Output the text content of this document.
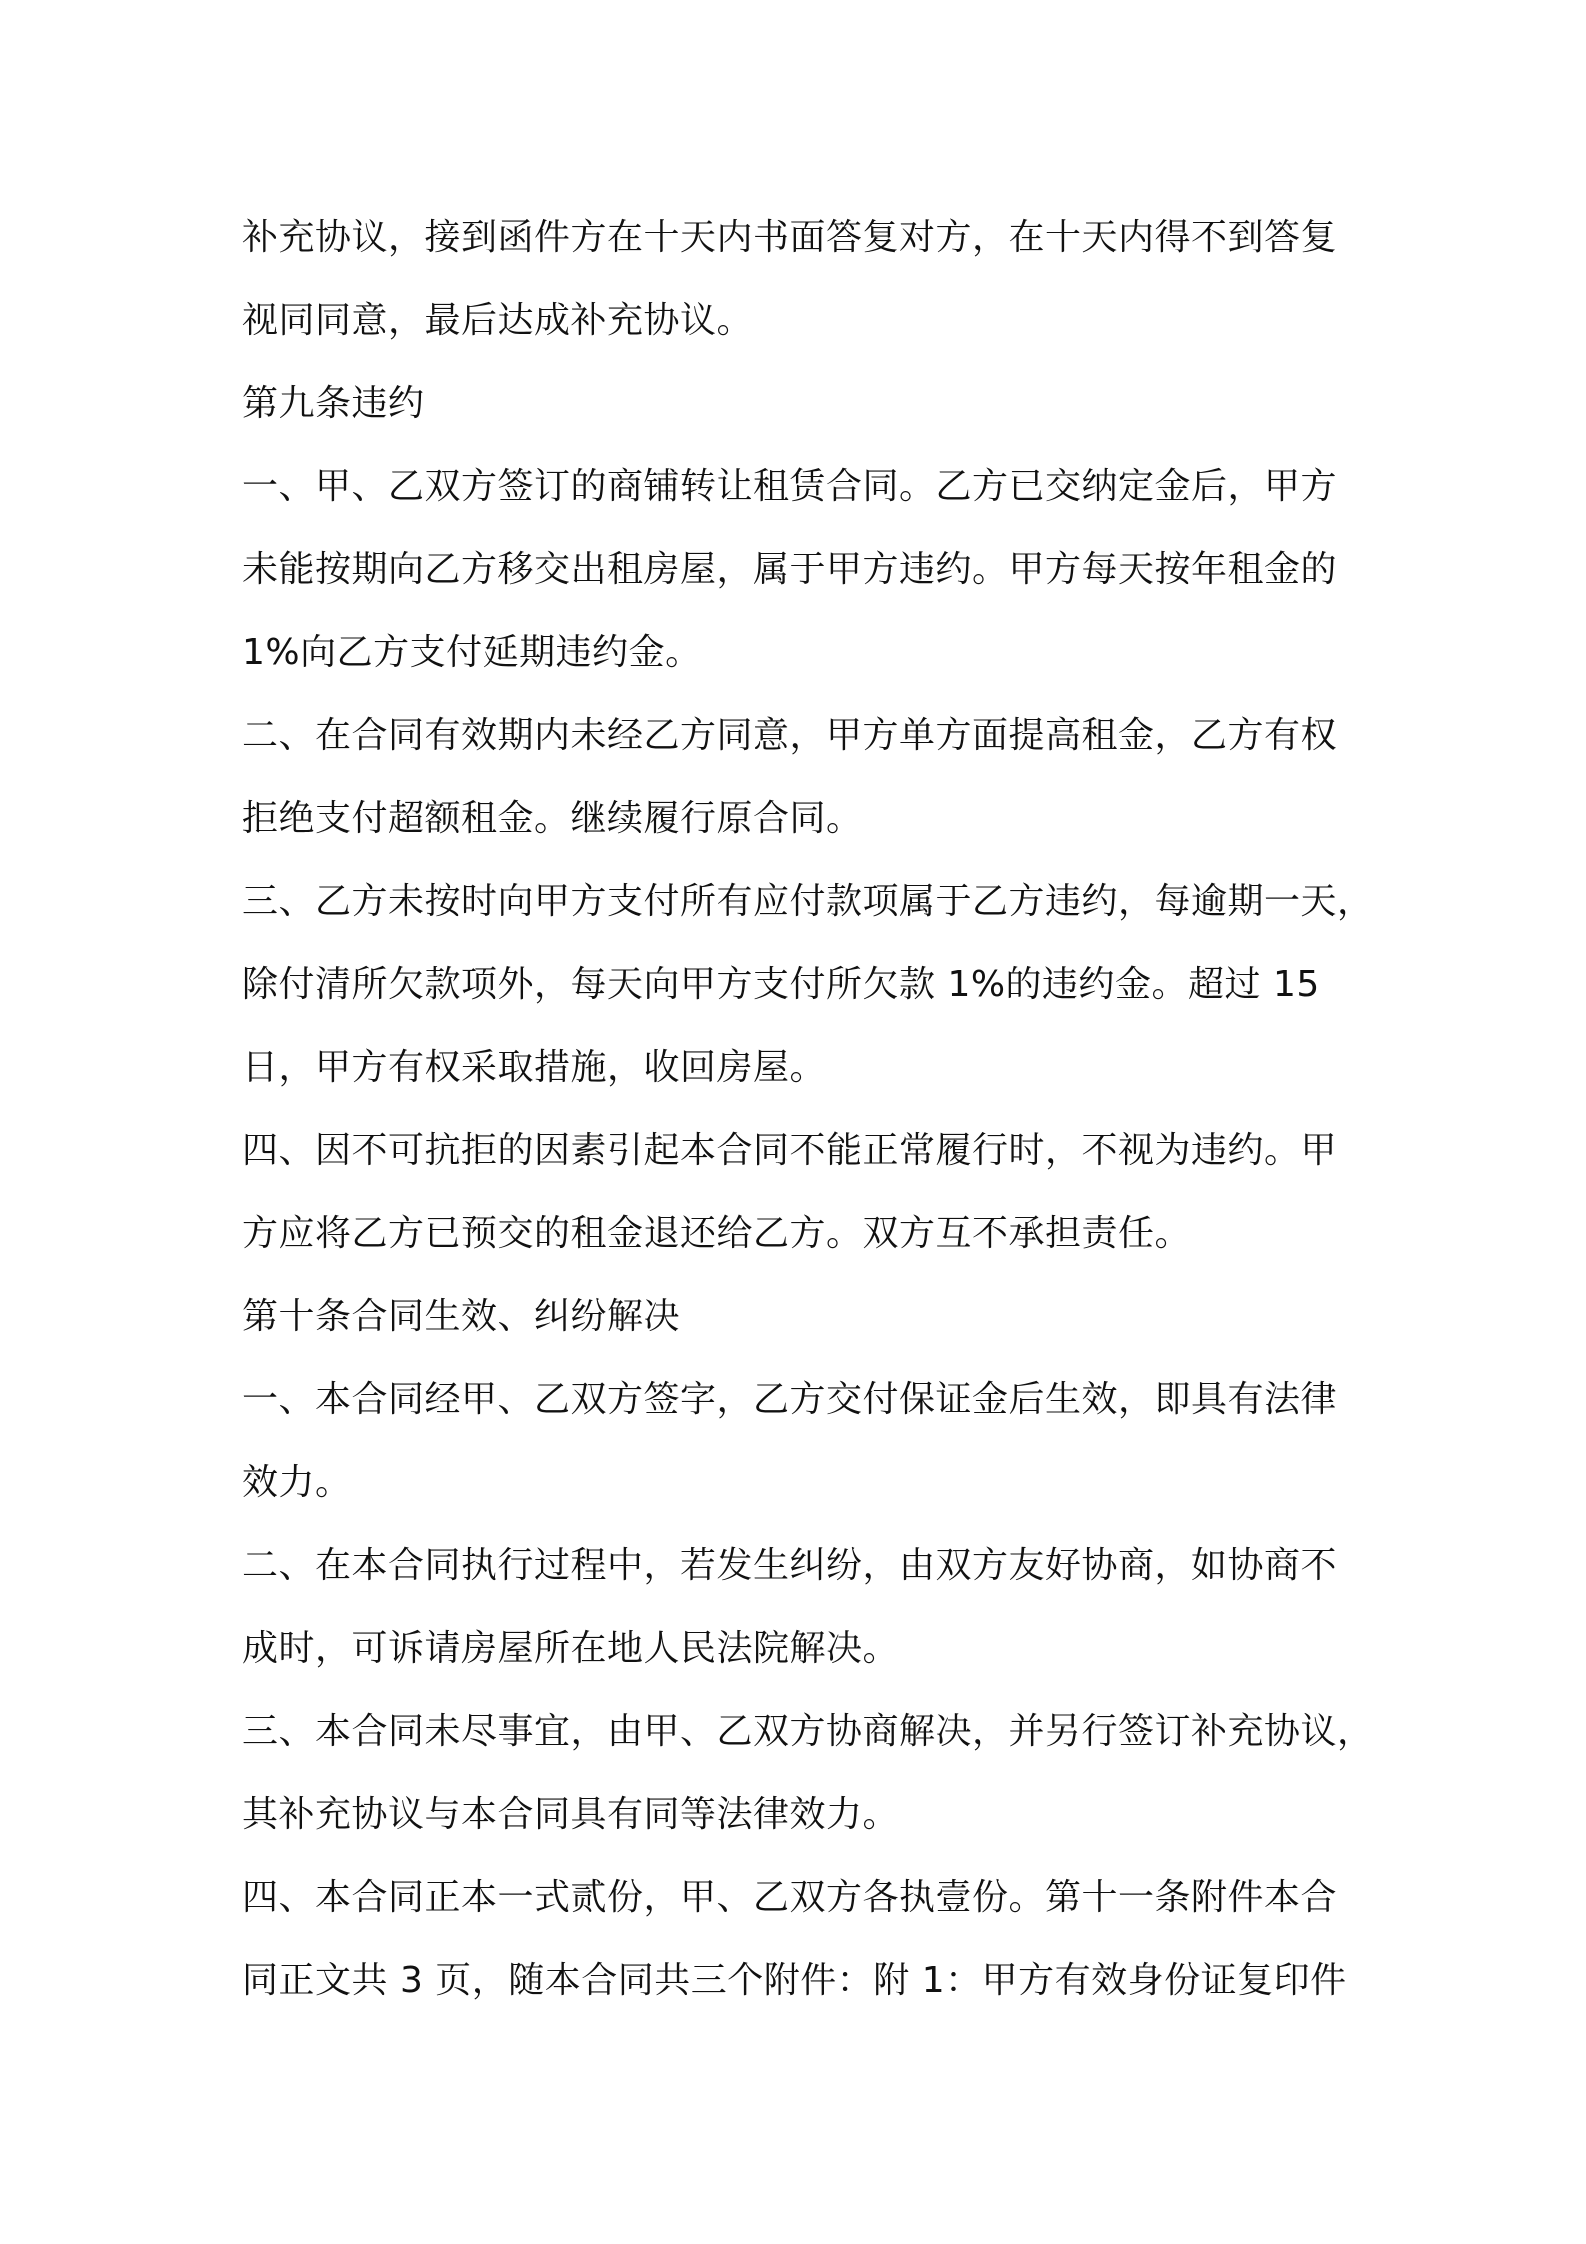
补充协议，接到函件方在十天内书面答复对方，在十天内得不到答复
视同同意，最后达成补充协议。
第九条违约
一、甲、乙双方签订的商铺转让租赁合同。乙方已交纳定金后，甲方
未能按期向乙方移交出租房屋，属于甲方违约。甲方每天按年租金的
1%向乙方支付延期违约金。
二、在合同有效期内未经乙方同意，甲方单方面提高租金，乙方有权
拒绝支付超额租金。继续履行原合同。
三、乙方未按时向甲方支付所有应付款项属于乙方违约，每逾期一天，
除付清所欠款项外，每天向甲方支付所欠款 1%的违约金。超过 15
日，甲方有权采取措施，收回房屋。
四、因不可抗拒的因素引起本合同不能正常履行时，不视为违约。甲
方应将乙方已预交的租金退还给乙方。双方互不承担责任。
第十条合同生效、纠纷解决
一、本合同经甲、乙双方签字，乙方交付保证金后生效，即具有法律
效力。
二、在本合同执行过程中，若发生纠纷，由双方友好协商，如协商不
成时，可诉请房屋所在地人民法院解决。
三、本合同未尽事宜，由甲、乙双方协商解决，并另行签订补充协议，
其补充协议与本合同具有同等法律效力。
四、本合同正本一式贰份，甲、乙双方各执壹份。第十一条附件本合
同正文共 3 页，随本合同共三个附件：附 1：甲方有效身份证复印件
